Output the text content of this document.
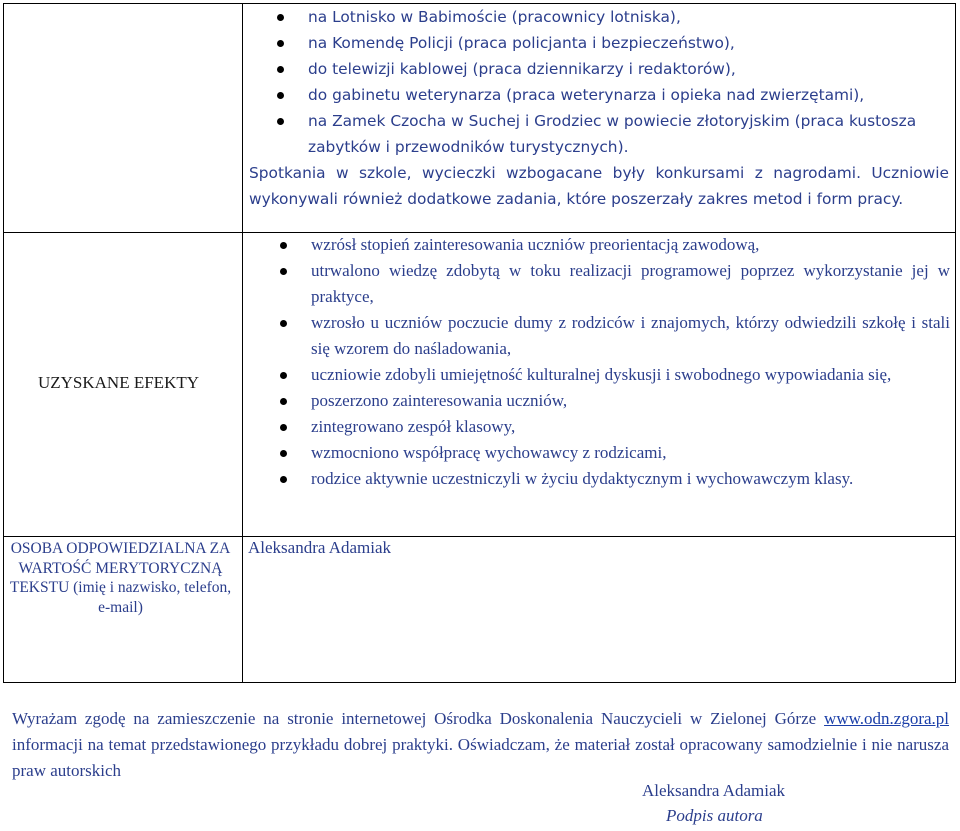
na Lotnisko w Babimoście (pracownicy lotniska),
na Komendę Policji (praca policjanta i bezpieczeństwo),
do telewizji kablowej (praca dziennikarzy i redaktorów),
do gabinetu weterynarza (praca weterynarza i opieka nad zwierzętami),
na Zamek Czocha w Suchej i Grodziec w powiecie złotoryjskim (praca kustosza zabytków i przewodników turystycznych).
Spotkania w szkole, wycieczki wzbogacane były konkursami z nagrodami. Uczniowie wykonywali również dodatkowe zadania, które poszerzały zakres metod i form pracy.
UZYSKANE EFEKTY
wzrósł stopień zainteresowania uczniów preorientacją zawodową,
utrwalono wiedzę zdobytą w toku realizacji programowej poprzez wykorzystanie jej w praktyce,
wzrosło u uczniów poczucie dumy z rodziców i znajomych, którzy odwiedzili szkołę i stali się wzorem do naśladowania,
uczniowie zdobyli umiejętność kulturalnej dyskusji i swobodnego wypowiadania się,
poszerzono zainteresowania uczniów,
zintegrowano zespół klasowy,
wzmocniono współpracę wychowawcy z rodzicami,
rodzice aktywnie uczestniczyli w życiu dydaktycznym i wychowawczym klasy.
OSOBA ODPOWIEDZIALNA ZA WARTOŚĆ MERYTORYCZNĄ TEKSTU (imię i nazwisko, telefon, e-mail)
Aleksandra Adamiak
Wyrażam zgodę na zamieszczenie na stronie internetowej Ośrodka Doskonalenia Nauczycieli w Zielonej Górze www.odn.zgora.pl informacji na temat przedstawionego przykładu dobrej praktyki. Oświadczam, że materiał został opracowany samodzielnie i nie narusza praw autorskich
Aleksandra Adamiak
Podpis autora
